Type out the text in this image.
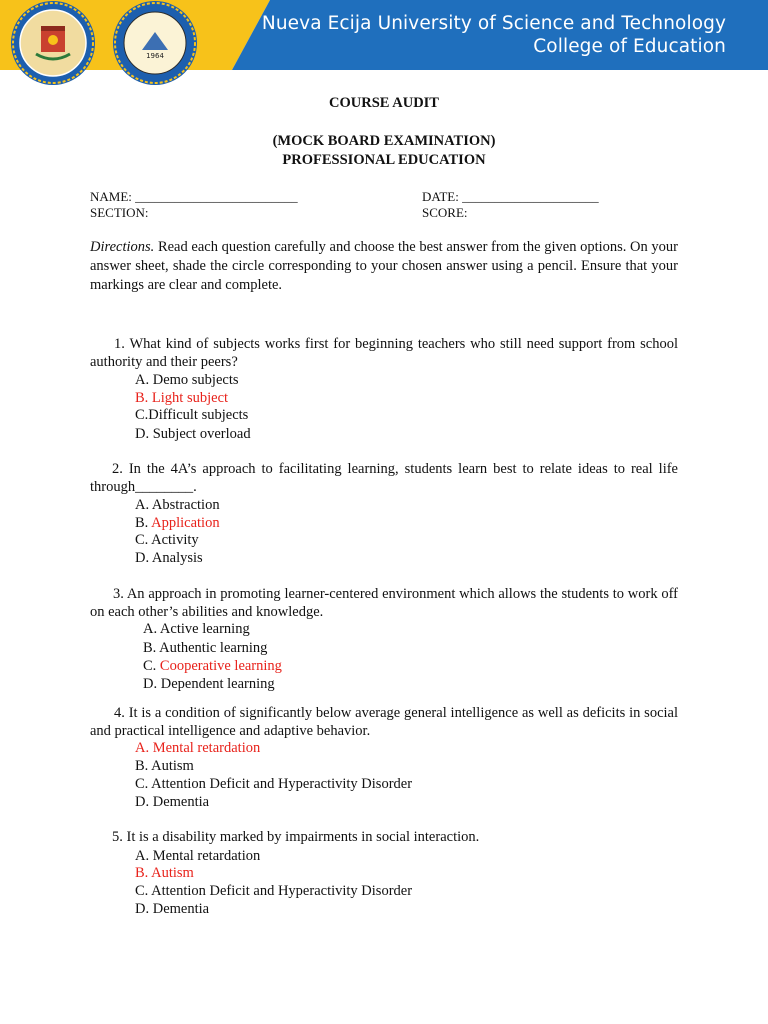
1964
Nueva Ecija University of Science and Technology
College of Education
COURSE AUDIT
(MOCK BOARD EXAMINATION)
PROFESSIONAL EDUCATION
NAME: _________________________	DATE: _____________________
SECTION:	SCORE:
Directions. Read each question carefully and choose the best answer from the given options. On your answer sheet, shade the circle corresponding to your chosen answer using a pencil. Ensure that your markings are clear and complete.
1. What kind of subjects works first for beginning teachers who still need support from school authority and their peers?
A. Demo subjects
B. Light subject
C.Difficult subjects
D. Subject overload
2. In the 4A’s approach to facilitating learning, students learn best to relate ideas to real life through________.
A. Abstraction
B. Application
C. Activity
D. Analysis
3. An approach in promoting learner-centered environment which allows the students to work off on each other’s abilities and knowledge.
A. Active learning
B. Authentic learning
C. Cooperative learning
D. Dependent learning
4. It is a condition of significantly below average general intelligence as well as deficits in social and practical intelligence and adaptive behavior.
A. Mental retardation
B. Autism
C. Attention Deficit and Hyperactivity Disorder
D. Dementia
5. It is a disability marked by impairments in social interaction.
A. Mental retardation
B. Autism
C. Attention Deficit and Hyperactivity Disorder
D. Dementia
